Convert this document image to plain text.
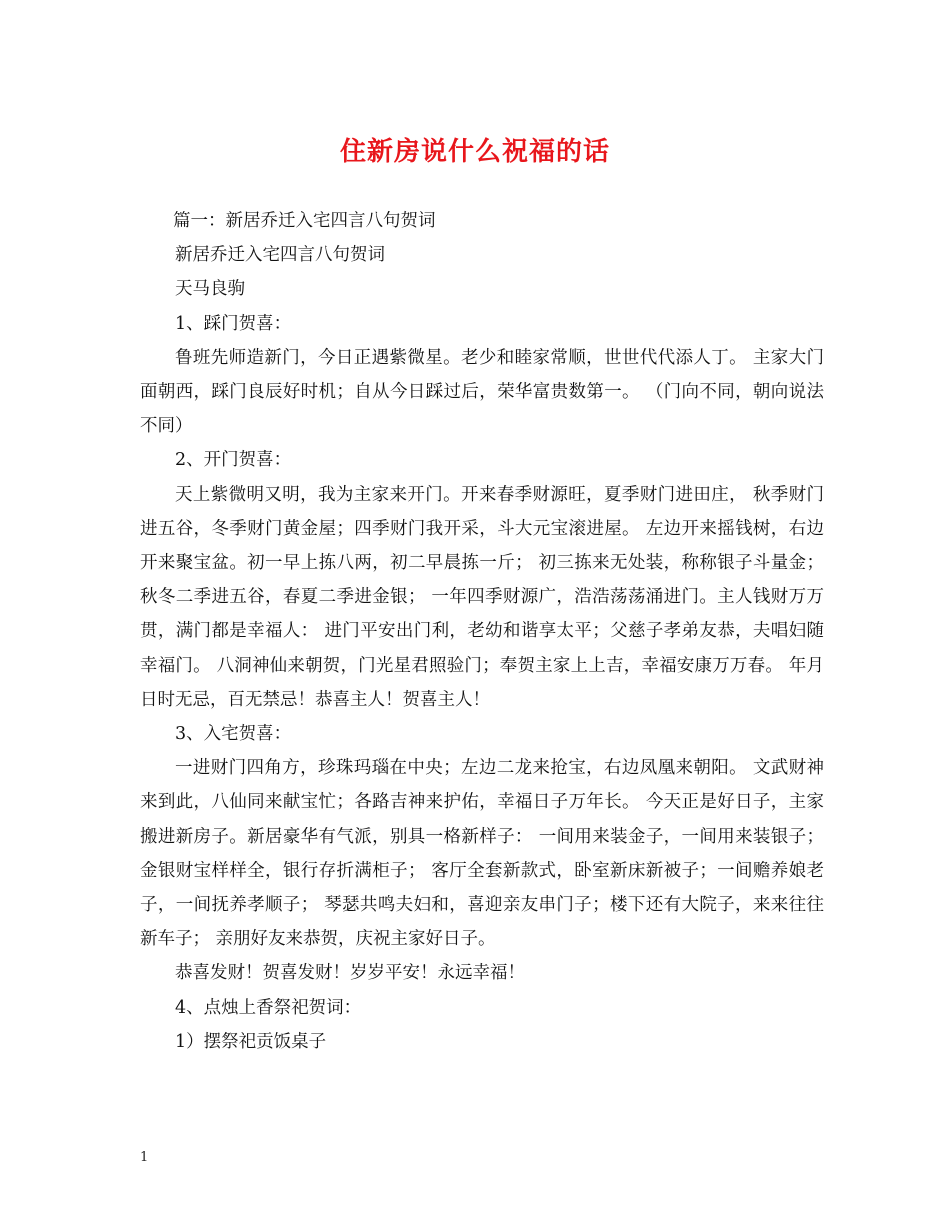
住新房说什么祝福的话

篇一：新居乔迁入宅四言八句贺词

新居乔迁入宅四言八句贺词

天马良驹

1、踩门贺喜：

鲁班先师造新门，今日正遇紫微星。老少和睦家常顺，世世代代添人丁。 主家大门面朝西，踩门良辰好时机；自从今日踩过后，荣华富贵数第一。 （门向不同，朝向说法不同）

2、开门贺喜：

天上紫微明又明，我为主家来开门。开来春季财源旺，夏季财门进田庄， 秋季财门进五谷，冬季财门黄金屋；四季财门我开采，斗大元宝滚进屋。 左边开来摇钱树，右边开来聚宝盆。初一早上拣八两，初二早晨拣一斤； 初三拣来无处装，称称银子斗量金；秋冬二季进五谷，春夏二季进金银； 一年四季财源广，浩浩荡荡涌进门。主人钱财万万贯，满门都是幸福人： 进门平安出门利，老幼和谐享太平；父慈子孝弟友恭，夫唱妇随幸福门。 八洞神仙来朝贺，门光星君照验门；奉贺主家上上吉，幸福安康万万春。 年月日时无忌，百无禁忌！恭喜主人！贺喜主人！

3、入宅贺喜：

一进财门四角方，珍珠玛瑙在中央；左边二龙来抢宝，右边凤凰来朝阳。 文武财神来到此，八仙同来献宝忙；各路吉神来护佑，幸福日子万年长。 今天正是好日子，主家搬进新房子。新居豪华有气派，别具一格新样子： 一间用来装金子，一间用来装银子；金银财宝样样全，银行存折满柜子； 客厅全套新款式，卧室新床新被子；一间赡养娘老子，一间抚养孝顺子； 琴瑟共鸣夫妇和，喜迎亲友串门子；楼下还有大院子，来来往往新车子； 亲朋好友来恭贺，庆祝主家好日子。

恭喜发财！贺喜发财！岁岁平安！永远幸福！

4、点烛上香祭祀贺词：

1）摆祭祀贡饭桌子

1
